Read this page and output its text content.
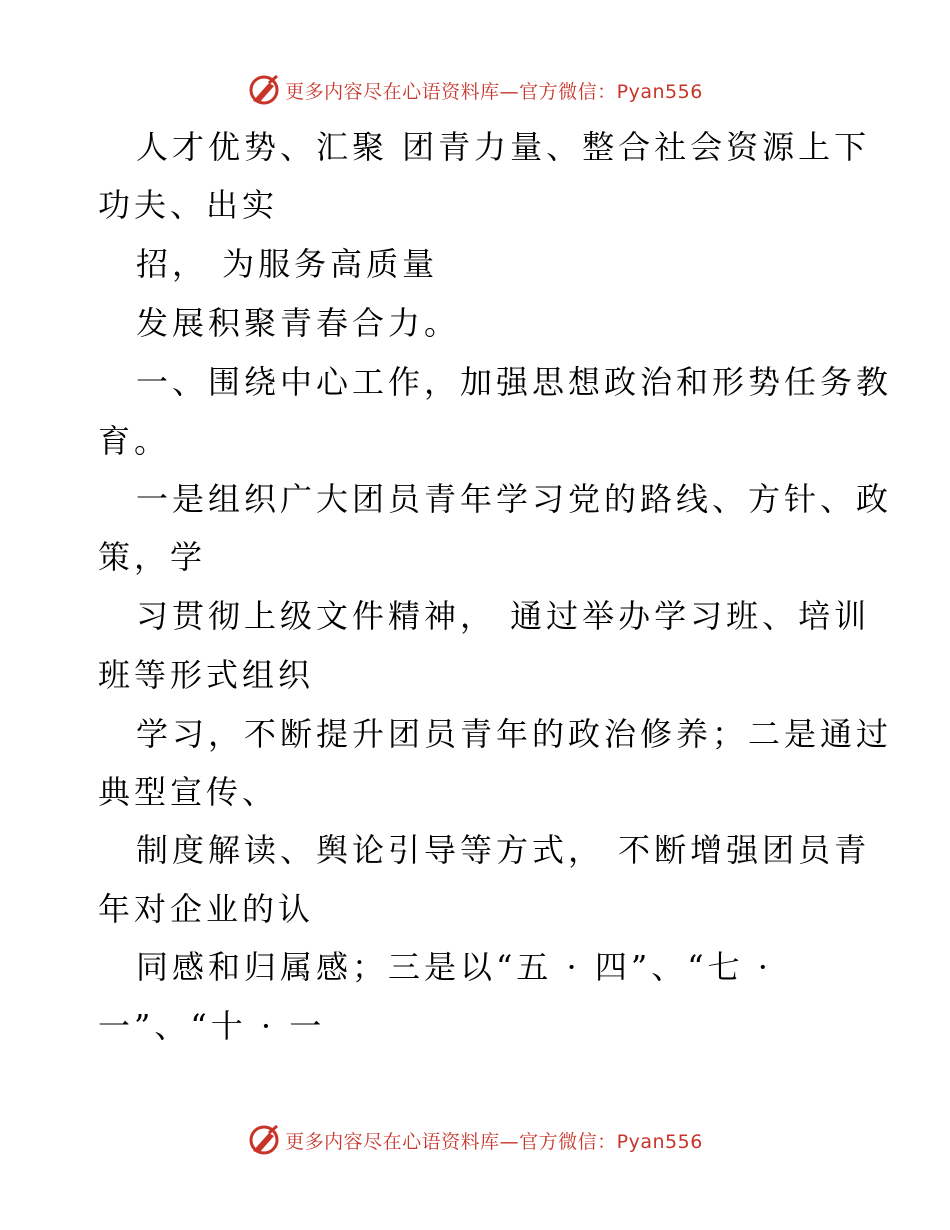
更多内容尽在心语资料库—官方微信：Pyan556
人才优势、汇聚 团青力量、整合社会资源上下
功夫、出实
招， 为服务高质量
发展积聚青春合力。
一、围绕中心工作，加强思想政治和形势任务教
育。
一是组织广大团员青年学习党的路线、方针、政
策，学
习贯彻上级文件精神， 通过举办学习班、培训
班等形式组织
学习，不断提升团员青年的政治修养；二是通过
典型宣传、
制度解读、舆论引导等方式， 不断增强团员青
年对企业的认
同感和归属感；三是以“五 · 四”、“七 ·
一”、“十 · 一
更多内容尽在心语资料库—官方微信：Pyan556
